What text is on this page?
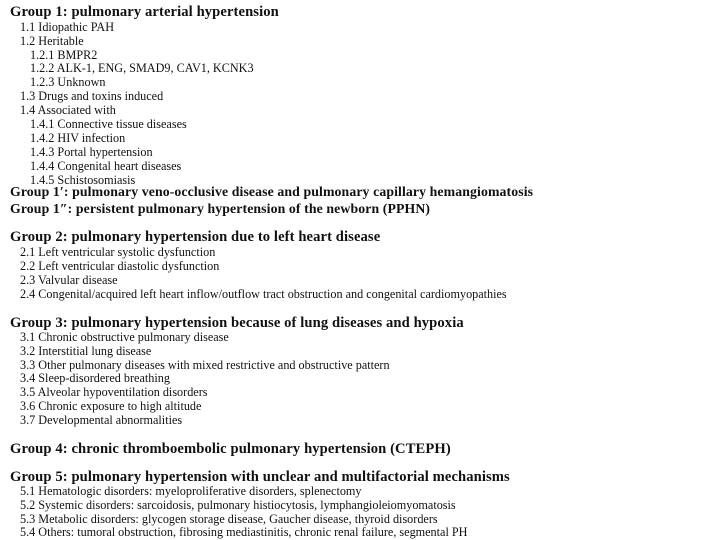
Group 1: pulmonary arterial hypertension
1.1 Idiopathic PAH
1.2 Heritable
1.2.1 BMPR2
1.2.2 ALK-1, ENG, SMAD9, CAV1, KCNK3
1.2.3 Unknown
1.3 Drugs and toxins induced
1.4 Associated with
1.4.1 Connective tissue diseases
1.4.2 HIV infection
1.4.3 Portal hypertension
1.4.4 Congenital heart diseases
1.4.5 Schistosomiasis
Group 1′: pulmonary veno-occlusive disease and pulmonary capillary hemangiomatosis
Group 1″: persistent pulmonary hypertension of the newborn (PPHN)
Group 2: pulmonary hypertension due to left heart disease
2.1 Left ventricular systolic dysfunction
2.2 Left ventricular diastolic dysfunction
2.3 Valvular disease
2.4 Congenital/acquired left heart inflow/outflow tract obstruction and congenital cardiomyopathies
Group 3: pulmonary hypertension because of lung diseases and hypoxia
3.1 Chronic obstructive pulmonary disease
3.2 Interstitial lung disease
3.3 Other pulmonary diseases with mixed restrictive and obstructive pattern
3.4 Sleep-disordered breathing
3.5 Alveolar hypoventilation disorders
3.6 Chronic exposure to high altitude
3.7 Developmental abnormalities
Group 4: chronic thromboembolic pulmonary hypertension (CTEPH)
Group 5: pulmonary hypertension with unclear and multifactorial mechanisms
5.1 Hematologic disorders: myeloproliferative disorders, splenectomy
5.2 Systemic disorders: sarcoidosis, pulmonary histiocytosis, lymphangioleiomyomatosis
5.3 Metabolic disorders: glycogen storage disease, Gaucher disease, thyroid disorders
5.4 Others: tumoral obstruction, fibrosing mediastinitis, chronic renal failure, segmental PH
